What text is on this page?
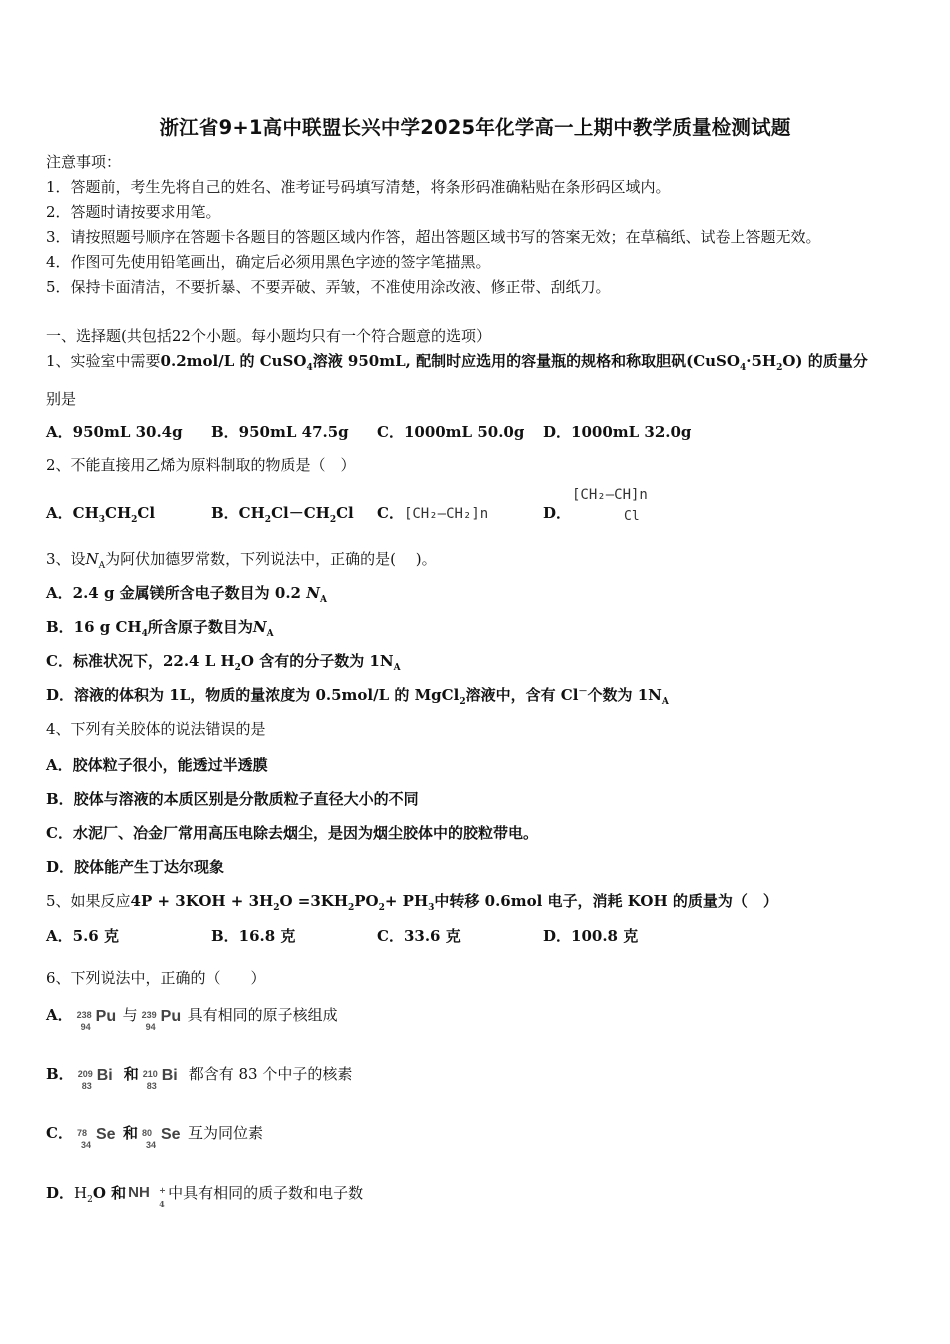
浙江省9+1高中联盟长兴中学2025年化学高一上期中教学质量检测试题
注意事项：
1．答题前，考生先将自己的姓名、准考证号码填写清楚，将条形码准确粘贴在条形码区域内。
2．答题时请按要求用笔。
3．请按照题号顺序在答题卡各题目的答题区域内作答，超出答题区域书写的答案无效；在草稿纸、试卷上答题无效。
4．作图可先使用铅笔画出，确定后必须用黑色字迹的签字笔描黑。
5．保持卡面清洁，不要折暴、不要弄破、弄皱，不准使用涂改液、修正带、刮纸刀。
一、选择题(共包括22个小题。每小题均只有一个符合题意的选项）
1、实验室中需要0.2mol/L 的 CuSO$_4$溶液 950mL, 配制时应选用的容量瓶的规格和称取胆矾$(CuSO_4\cdot 5H_2O)$ 的质量分
别是
A．950mL 30.4g B．950mL 47.5g C．1000mL 50.0g D．1000mL 32.0g
2、不能直接用乙烯为原料制取的物质是（　）
A．$CH_3CH_2Cl$	B．$CH_2Cl-CH_2Cl$ C．[CH₂—CH₂]n	D．
[CH₂—CH]n
Cl
3、设$N_A$为阿伏加德罗常数，下列说法中，正确的是(　 )。
A．2.4 g 金属镁所含电子数目为 0.2 $N_A$
B．16 g $CH_4$所含原子数目为$N_A$
C．标准状况下，22.4 L $H_2O$ 含有的分子数为 $1N_A$
D．溶液的体积为 1L，物质的量浓度为 0.5mol/L 的 MgCl$_2$溶液中，含有 Cl－个数为 $1N_A$
4、下列有关胶体的说法错误的是
A．胶体粒子很小，能透过半透膜
B．胶体与溶液的本质区别是分散质粒子直径大小的不同
C．水泥厂、冶金厂常用高压电除去烟尘，是因为烟尘胶体中的胶粒带电。
D．胶体能产生丁达尔现象
5、如果反应$4P + 3KOH + 3H_2O =3KH_2PO_2+ PH_3$中转移 0.6mol 电子，消耗 KOH 的质量为（　）
A．5.6 克	B．16.8 克	C．33.6 克	D．100.8 克
6、下列说法中，正确的（　　）
A． 238
94
Pu 与 239
94
Pu 具有相同的原子核组成
B． 209
83
Bi 和 210
83
Bi 都含有 83 个中子的核素
C． 78
34
Se 和 80
34
Se 互为同位素
D．$H_2O$ 和 NH +
4
中具有相同的质子数和电子数
